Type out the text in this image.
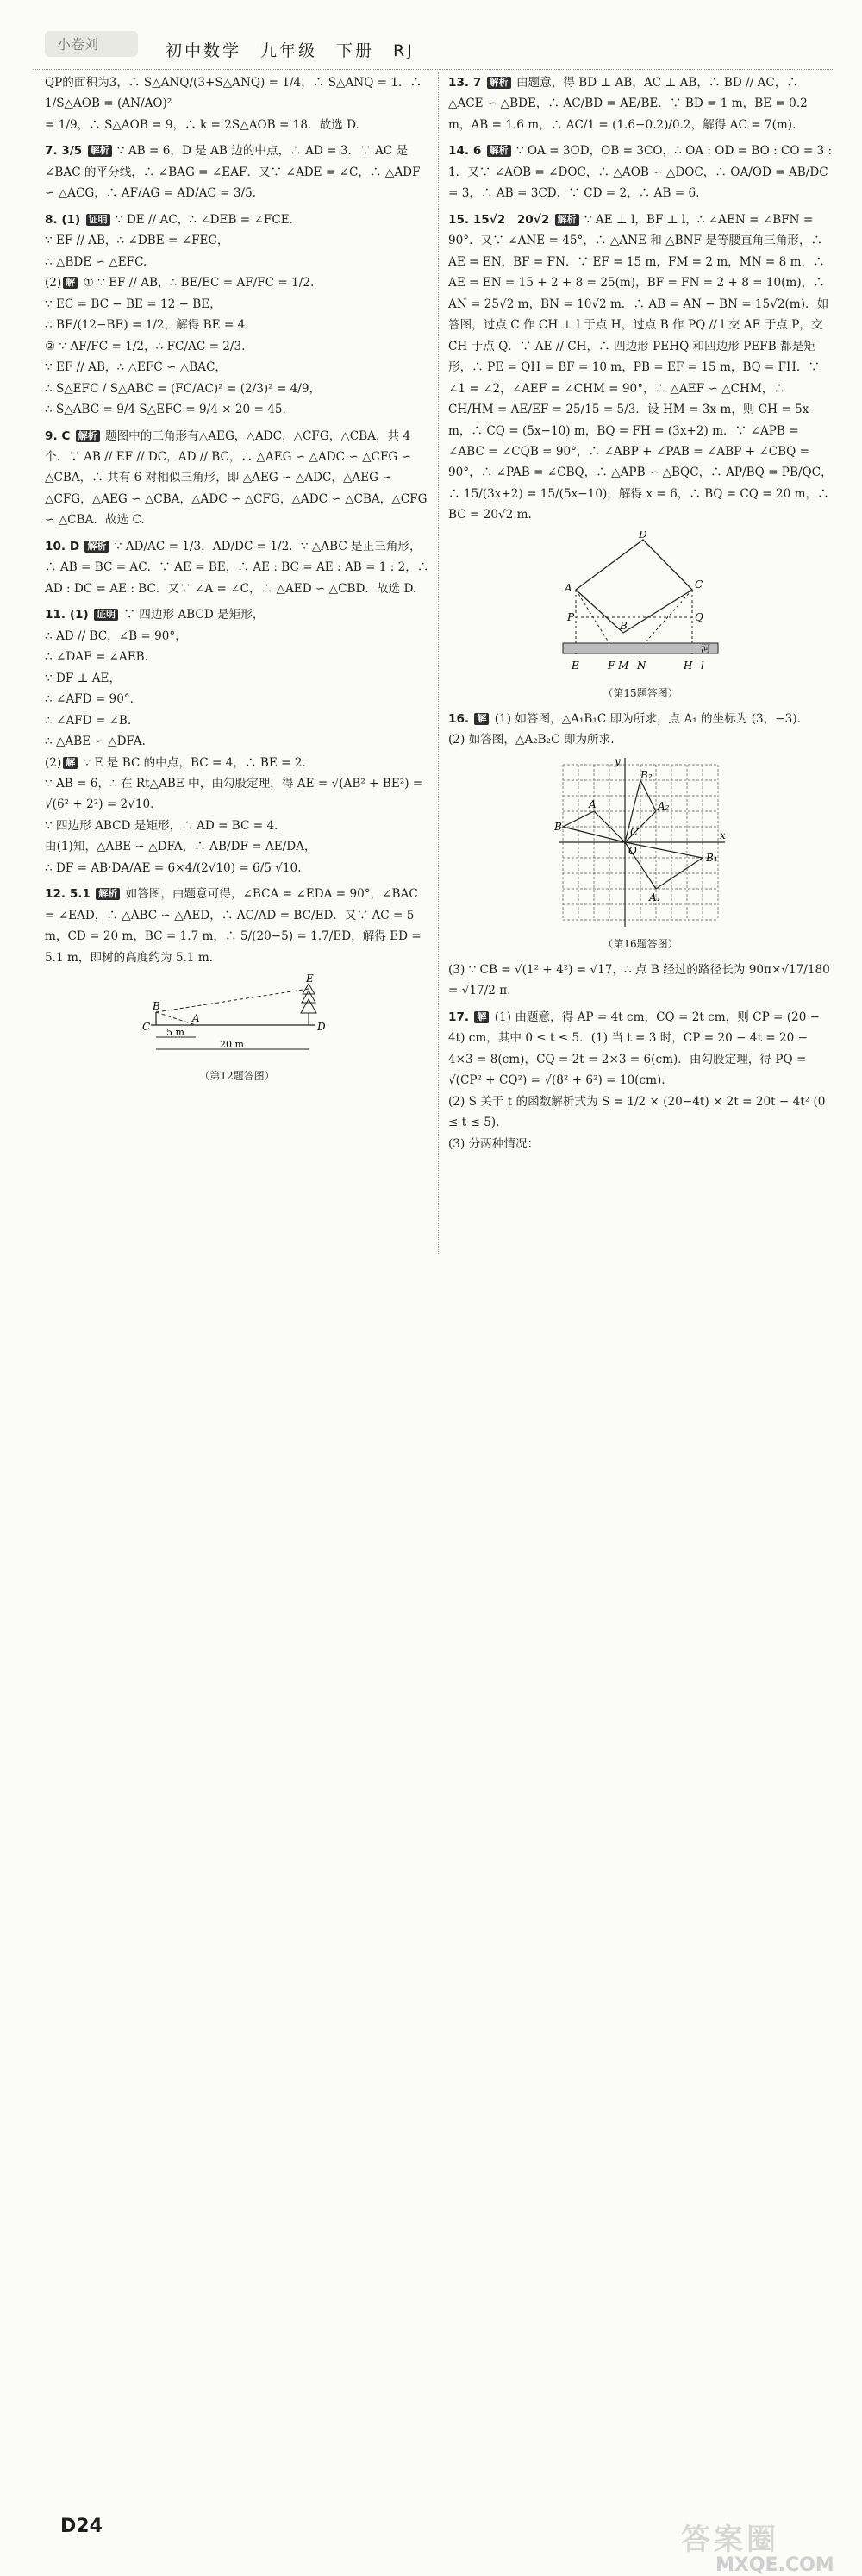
小卷刘	初中数学　九年级　下册　RJ

QP的面积为3，∴ S△ANQ/(3+S△ANQ) = 1/4，∴ S△ANQ = 1．∴ 1/S△AOB = (AN/AO)²
= 1/9，∴ S△AOB = 9，∴ k = 2S△AOB = 18．故选 D.

7. 3/5 解析 ∵ AB = 6，D 是 AB 边的中点，∴ AD = 3．∵ AC 是∠BAC 的平分线，∴ ∠BAG = ∠EAF．又∵ ∠ADE = ∠C，∴ △ADF ∽ △ACG，∴ AF/AG = AD/AC = 3/5.

8. (1) 证明 ∵ DE // AC，∴ ∠DEB = ∠FCE.
∵ EF // AB，∴ ∠DBE = ∠FEC，
∴ △BDE ∽ △EFC.
(2) 解 ① ∵ EF // AB，∴ BE/EC = AF/FC = 1/2.
∵ EC = BC − BE = 12 − BE，
∴ BE/(12−BE) = 1/2，解得 BE = 4.
② ∵ AF/FC = 1/2，∴ FC/AC = 2/3.
∵ EF // AB，∴ △EFC ∽ △BAC，
∴ S△EFC / S△ABC = (FC/AC)² = (2/3)² = 4/9，
∴ S△ABC = 9/4 S△EFC = 9/4 × 20 = 45.

9. C 解析 题图中的三角形有△AEG，△ADC，△CFG，△CBA，共 4 个．∵ AB // EF // DC，AD // BC，∴ △AEG ∽ △ADC ∽ △CFG ∽ △CBA，∴ 共有 6 对相似三角形，即 △AEG ∽ △ADC，△AEG ∽ △CFG，△AEG ∽ △CBA，△ADC ∽ △CFG，△ADC ∽ △CBA，△CFG ∽ △CBA．故选 C.

10. D 解析 ∵ AD/AC = 1/3，AD/DC = 1/2．∵ △ABC 是正三角形，∴ AB = BC = AC．∵ AE = BE，∴ AE : BC = AE : AB = 1 : 2，∴ AD : DC = AE : BC．又∵ ∠A = ∠C，∴ △AED ∽ △CBD．故选 D.

11. (1) 证明 ∵ 四边形 ABCD 是矩形，
∴ AD // BC，∠B = 90°，
∴ ∠DAF = ∠AEB.
∵ DF ⊥ AE，
∴ ∠AFD = 90°.
∴ ∠AFD = ∠B.
∴ △ABE ∽ △DFA.
(2) 解 ∵ E 是 BC 的中点，BC = 4，∴ BE = 2.
∵ AB = 6，∴ 在 Rt△ABE 中，由勾股定理，得 AE = √(AB² + BE²) = √(6² + 2²) = 2√10.
∵ 四边形 ABCD 是矩形，∴ AD = BC = 4.
由(1)知，△ABE ∽ △DFA，∴ AB/DF = AE/DA，
∴ DF = AB·DA/AE = 6×4/(2√10) = 6/5 √10.

12. 5.1 解析 如答图，由题意可得，∠BCA = ∠EDA = 90°，∠BAC = ∠EAD，∴ △ABC ∽ △AED，∴ AC/AD = BC/ED．又∵ AC = 5 m，CD = 20 m，BC = 1.7 m，∴ 5/(20−5) = 1.7/ED，解得 ED = 5.1 m，即树的高度约为 5.1 m.

B
C
A
E
D
5 m
20 m
（第12题答图）

13. 7 解析 由题意，得 BD ⊥ AB，AC ⊥ AB，∴ BD // AC，∴ △ACE ∽ △BDE，∴ AC/BD = AE/BE．∵ BD = 1 m，BE = 0.2 m，AB = 1.6 m，∴ AC/1 = (1.6−0.2)/0.2，解得 AC = 7(m).

14. 6 解析 ∵ OA = 3OD，OB = 3CO，∴ OA : OD = BO : CO = 3 : 1．又∵ ∠AOB = ∠DOC，∴ △AOB ∽ △DOC，∴ OA/OD = AB/DC = 3，∴ AB = 3CD．∵ CD = 2，∴ AB = 6.

15. 15√2　20√2 解析 ∵ AE ⊥ l，BF ⊥ l，∴ ∠AEN = ∠BFN = 90°．又∵ ∠ANE = 45°，∴ △ANE 和 △BNF 是等腰直角三角形，∴ AE = EN，BF = FN．∵ EF = 15 m，FM = 2 m，MN = 8 m，∴ AE = EN = 15 + 2 + 8 = 25(m)，BF = FN = 2 + 8 = 10(m)，∴ AN = 25√2 m，BN = 10√2 m．∴ AB = AN − BN = 15√2(m)．如答图，过点 C 作 CH ⊥ l 于点 H，过点 B 作 PQ // l 交 AE 于点 P，交 CH 于点 Q．∵ AE // CH，∴ 四边形 PEHQ 和四边形 PEFB 都是矩形，∴ PE = QH = BF = 10 m，PB = EF = 15 m，BQ = FH．∵ ∠1 = ∠2，∠AEF = ∠CHM = 90°，∴ △AEF ∽ △CHM，∴ CH/HM = AE/EF = 25/15 = 5/3．设 HM = 3x m，则 CH = 5x m，∴ CQ = (5x−10) m，BQ = FH = (3x+2) m．∵ ∠APB = ∠ABC = ∠CQB = 90°，∴ ∠ABP + ∠PAB = ∠ABP + ∠CBQ = 90°，∴ ∠PAB = ∠CBQ，∴ △APB ∽ △BQC，∴ AP/BQ = PB/QC，∴ 15/(3x+2) = 15/(5x−10)，解得 x = 6，∴ BQ = CQ = 20 m，∴ BC = 20√2 m.

D
C
A
B
P	Q
E	F M N	H l
河
（第15题答图）

16. 解 (1) 如答图，△A₁B₁C 即为所求，点 A₁ 的坐标为 (3，−3).
(2) 如答图，△A₂B₂C 即为所求.

B
A
C
O
B₁
A₁
B₂
A₂
x
y
（第16题答图）

(3) ∵ CB = √(1² + 4²) = √17，∴ 点 B 经过的路径长为 90π×√17/180 = √17/2 π.

17. 解 (1) 由题意，得 AP = 4t cm，CQ = 2t cm，则 CP = (20 − 4t) cm，其中 0 ≤ t ≤ 5．(1) 当 t = 3 时，CP = 20 − 4t = 20 − 4×3 = 8(cm)，CQ = 2t = 2×3 = 6(cm)．由勾股定理，得 PQ = √(CP² + CQ²) = √(8² + 6²) = 10(cm).
(2) S 关于 t 的函数解析式为 S = 1/2 × (20−4t) × 2t = 20t − 4t² (0 ≤ t ≤ 5).
(3) 分两种情况：

D24	答案圈
MXQE.COM
